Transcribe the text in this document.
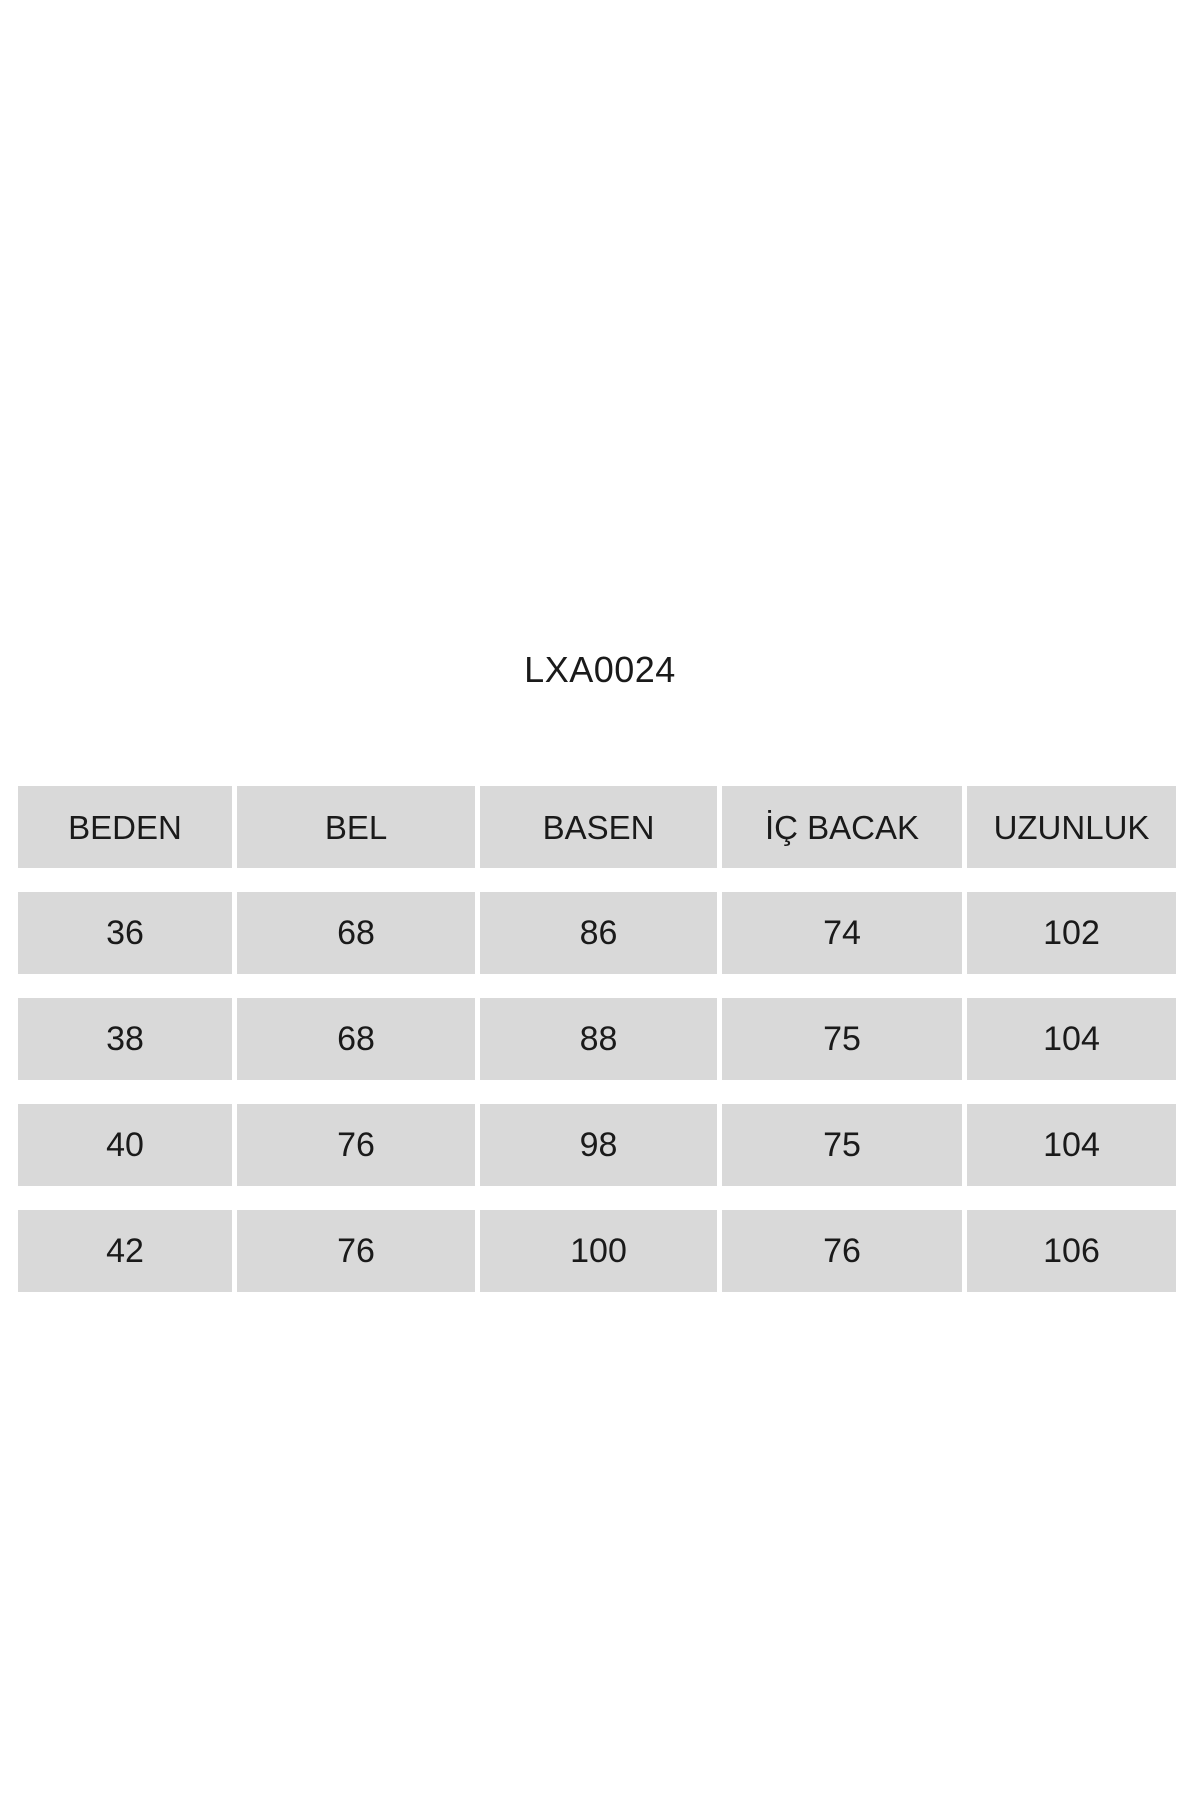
LXA0024
BEDEN	BEL	BASEN	İÇ BACAK	UZUNLUK
36	68	86	74	102
38	68	88	75	104
40	76	98	75	104
42	76	100	76	106
